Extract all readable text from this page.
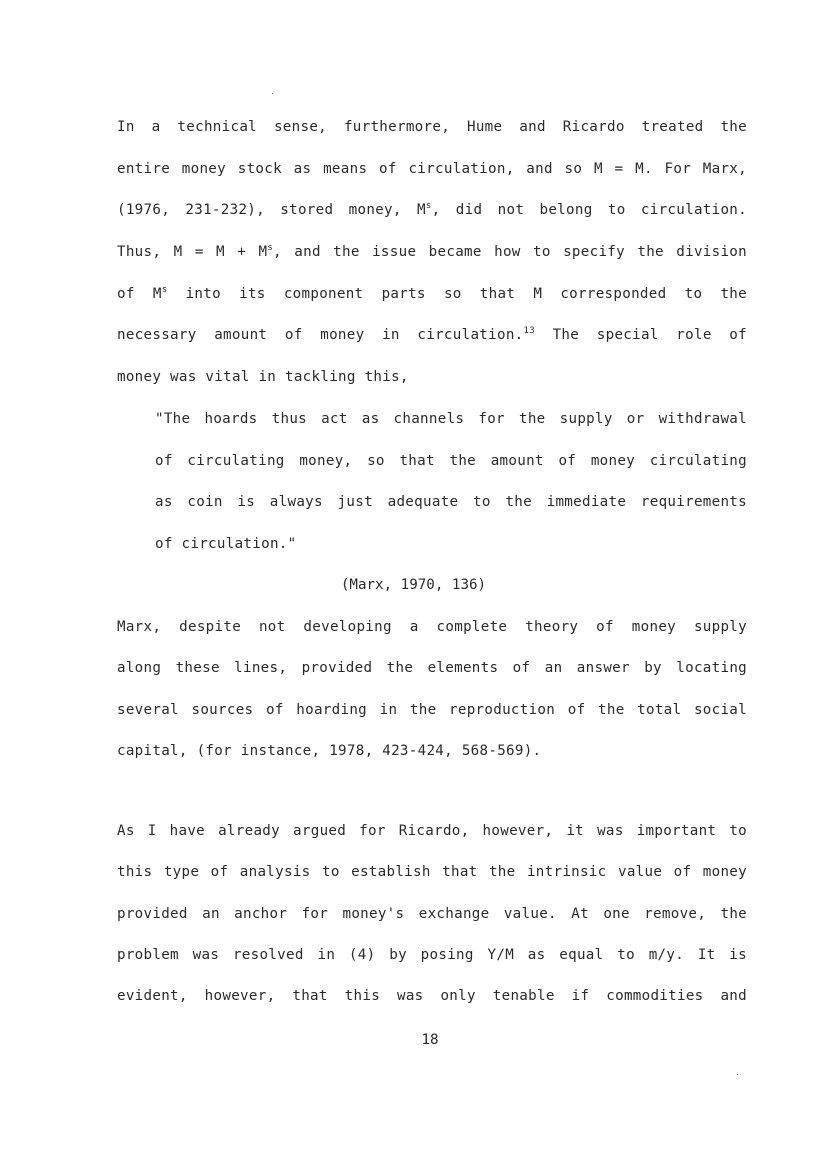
In a technical sense, furthermore, Hume and Ricardo treated the
entire money stock as means of circulation, and so M = M. For Marx,
(1976, 231-232), stored money, $M^s$, did not belong to circulation.
Thus, $M = M + M^s$, and the issue became how to specify the division
of $M^s$ into its component parts so that M corresponded to the
necessary amount of money in circulation.$^{13}$ The special role of
money was vital in tackling this,
"The hoards thus act as channels for the supply or withdrawal
of circulating money, so that the amount of money circulating
as coin is always just adequate to the immediate requirements
of circulation."
(Marx, 1970, 136)
Marx, despite not developing a complete theory of money supply
along these lines, provided the elements of an answer by locating
several sources of hoarding in the reproduction of the total social
capital, (for instance, 1978, 423-424, 568-569).
As I have already argued for Ricardo, however, it was important to
this type of analysis to establish that the intrinsic value of money
provided an anchor for money's exchange value. At one remove, the
problem was resolved in (4) by posing Y/M as equal to m/y. It is
evident, however, that this was only tenable if commodities and
18
